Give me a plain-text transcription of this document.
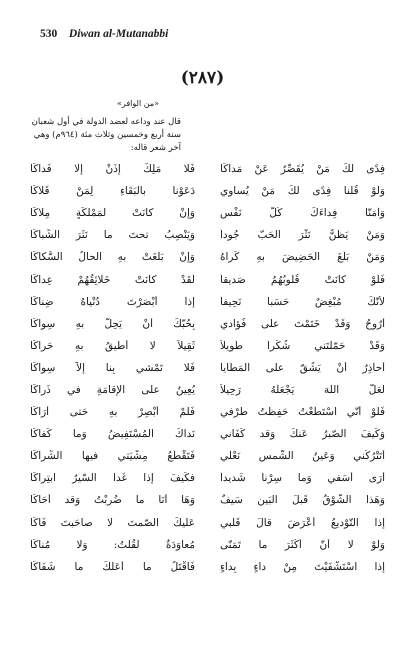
530 Diwan al-Mutanabbi
(٢٨٧)
«من الوافر»
قال عند وداعه لعضد الدولة في أول شعبان سنة أربع وخمسين وثلاث مئة (٩٦٤م) وهي آخر شعر قاله:
فِدًى لكَ مَنْ يُقَصِّرُ عَنْ مَداكَا
فَلا مَلِكٌ إذَنْ إلّا فَداكَا
وَلَوْ قُلْنا فِدًى لكَ مَنْ يُساوي
دَعَوْنا بالبَقَاءِ لِمَنْ قَلاكَا
وَآمَنّا فِداءَكَ كُلَّ نَفْسٍ
وَإنْ كانَتْ لمَمْلَكَةٍ مِلاكَا
وَمَنْ يَظّنُّ نَثْرَ الحَبّ جُوداً
وَيَنْصِبُ تحتَ ما نَثَرَ الشِّباكَا
وَمَنْ بَلَغَ الحَضِيضَ بهِ كَراهُ
وَإنْ بَلَغَتْ بهِ الحالُ السُّكاكَا
فَلَوْ كانَتْ قُلُوبُهُمُ صَديقاً
لَقَدْ كانَتْ خَلائِقُهُمْ عِداكَا
لأنّكَ مُبْغِضٌ حَسَباً نَحِيفاً
إذا أبْصَرْتَ دُنْياهُ ضِناكَا
أرُوحُ وَقَدْ خَتَمْتَ على فُؤادي
بِحُبّكَ أنْ يَحِلّ بهِ سِواكَا
وَقَدْ حَمّلْتَني شُكْراً طَوِيلاً
ثَقِيلاً لا أُطيقُ بهِ حَراكَا
أُحاذِرُ أنْ يَشُقّ على المَطَايا
فَلا تَمْشي بِنا إلاّ سِواكَا
لَعَلّ اللهَ يَجْعَلُهُ رَحِيلاً
يُعِينُ على الإقامَةِ في ذَراكَا
فَلَوْ أنّي اسْتَطَعْتُ حَفِظْتُ طَرْفي
فَلَمْ أُبْصِرْ بهِ حَتى أرَاكَا
وَكَيفَ الصّبرُ عَنكَ وَقد كَفَاني
نَداكَ المُسْتَفِيضُ وَما كَفاكَا
أتَتْرُكُني وَعَينُ الشّمسِ نَعْلي
فَتَقْطَعُ مِشْيَتي فيها الشِّراكَا
أرَى أسَفي وَما سِرْنا شَديداً
فكَيفَ إذا غَدا السّيرُ ابتِراكَا
وَهَذا الشّوْقُ قَبلَ البَينِ سَيفٌ
وَهَا أنَا ما ضُرِبْتُ وَقد أحَاكَا
إذا التّوْديعُ أعْرَضَ قالَ قَلبي
عَلَيكَ الصّمتَ لا صاحَبتَ فَاكَا
وَلَوْ لا أنّ أكْثَرَ ما تَمَنّى
مُعاوَدَةٌ لَقُلْتُ: وَلا مُناكَا
إذا اسْتَشْفَيْتَ مِنْ داءٍ بِداءٍ
فَأقْتَلُ ما أعَلّكَ ما شَفَاكَا
